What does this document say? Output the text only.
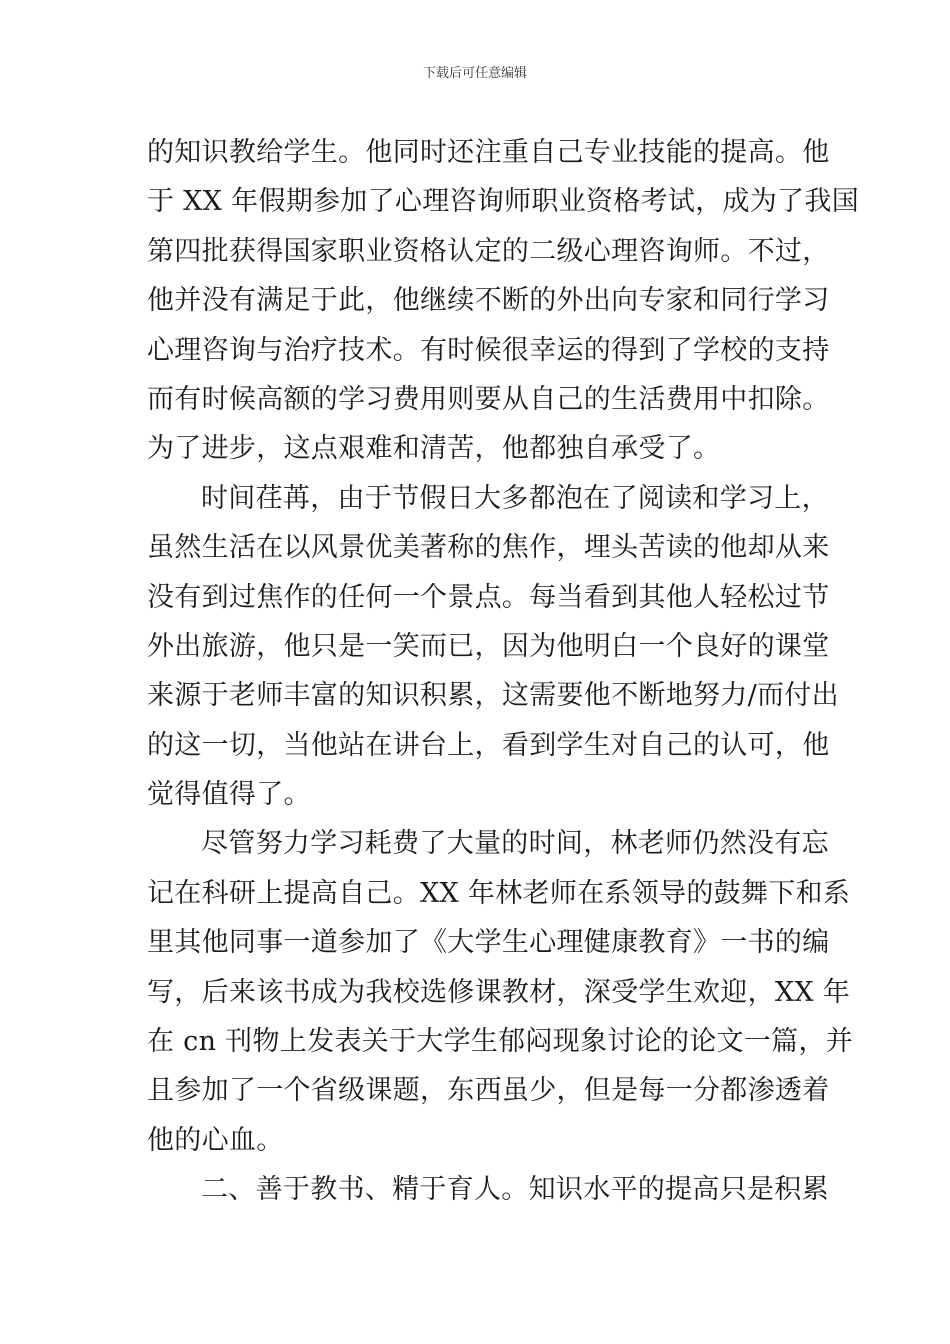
下载后可任意编辑
的知识教给学生。他同时还注重自己专业技能的提高。他
于 XX 年假期参加了心理咨询师职业资格考试，成为了我国
第四批获得国家职业资格认定的二级心理咨询师。不过，
他并没有满足于此，他继续不断的外出向专家和同行学习
心理咨询与治疗技术。有时候很幸运的得到了学校的支持
而有时候高额的学习费用则要从自己的生活费用中扣除。
为了进步，这点艰难和清苦，他都独自承受了。
时间荏苒，由于节假日大多都泡在了阅读和学习上，
虽然生活在以风景优美著称的焦作，埋头苦读的他却从来
没有到过焦作的任何一个景点。每当看到其他人轻松过节
外出旅游，他只是一笑而已，因为他明白一个良好的课堂
来源于老师丰富的知识积累，这需要他不断地努力/而付出
的这一切，当他站在讲台上，看到学生对自己的认可，他
觉得值得了。
尽管努力学习耗费了大量的时间，林老师仍然没有忘
记在科研上提高自己。XX 年林老师在系领导的鼓舞下和系
里其他同事一道参加了《大学生心理健康教育》一书的编
写，后来该书成为我校选修课教材，深受学生欢迎，XX 年
在 cn 刊物上发表关于大学生郁闷现象讨论的论文一篇，并
且参加了一个省级课题，东西虽少，但是每一分都渗透着
他的心血。
二、善于教书、精于育人。知识水平的提高只是积累
